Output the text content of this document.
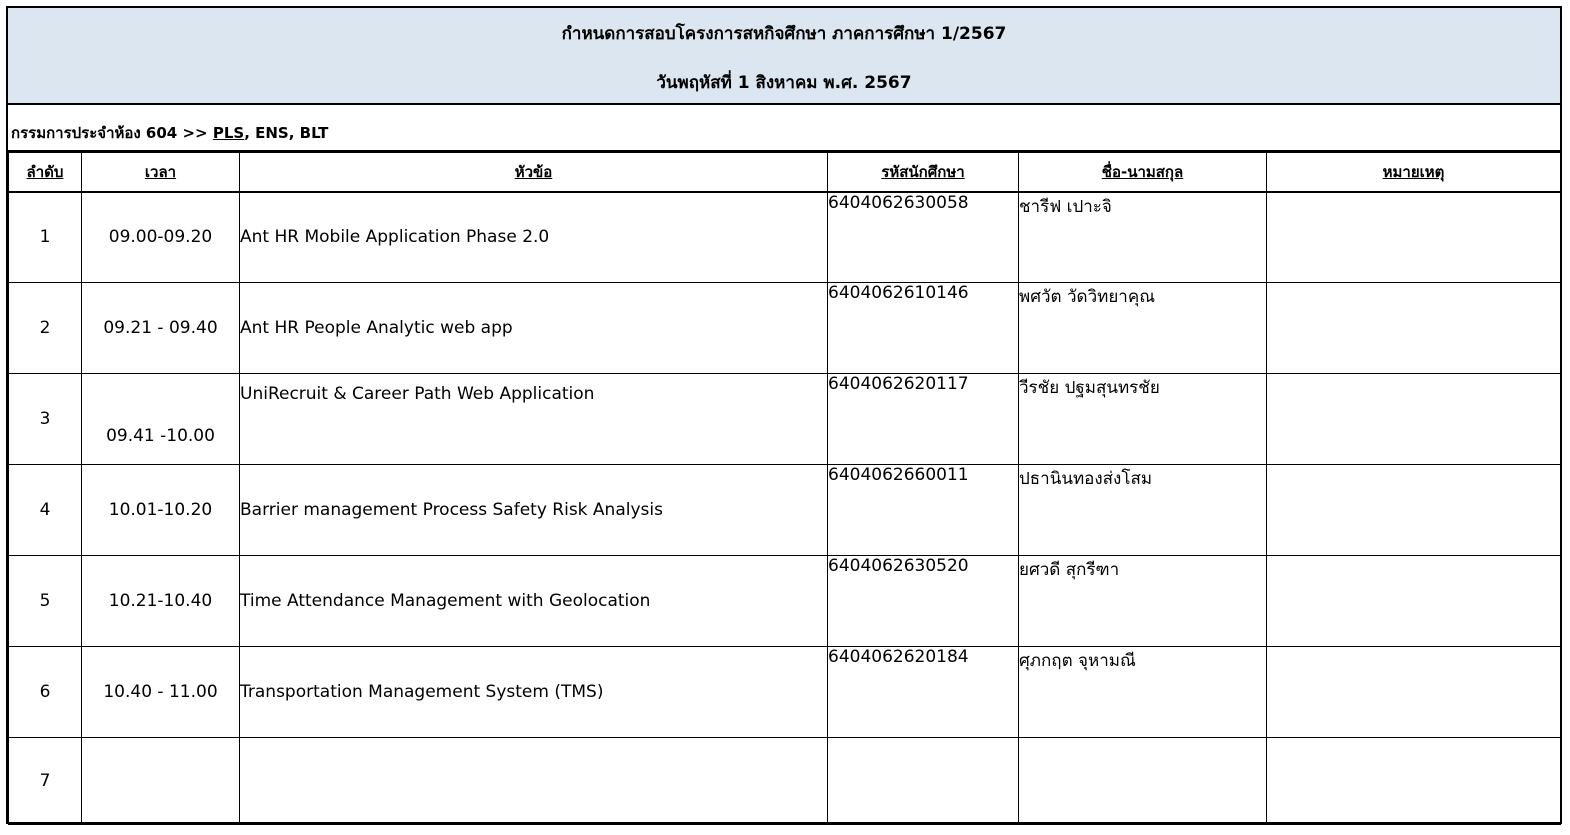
กำหนดการสอบโครงการสหกิจศึกษา ภาคการศึกษา 1/2567
วันพฤหัสที่ 1 สิงหาคม พ.ศ. 2567
กรรมการประจำห้อง 604 >> PLS, ENS, BLT
ลำดับ	เวลา	หัวข้อ	รหัสนักศึกษา	ชื่อ-นามสกุล	หมายเหตุ
1	09.00-09.20	Ant HR Mobile Application Phase 2.0	6404062630058	ชารีฟ เปาะจิ	
2	09.21 - 09.40	Ant HR People Analytic web app	6404062610146	พศวัต วัดวิทยาคุณ	
3	09.41 -10.00	UniRecruit & Career Path Web Application	6404062620117	วีรชัย ปฐมสุนทรชัย	
4	10.01-10.20	Barrier management Process Safety Risk Analysis	6404062660011	ปธานินทองส่งโสม	
5	10.21-10.40	Time Attendance Management with Geolocation	6404062630520	ยศวดี สุกรีฑา	
6	10.40 - 11.00	Transportation Management System (TMS)	6404062620184	ศุภกฤต จุหามณี	
7					
